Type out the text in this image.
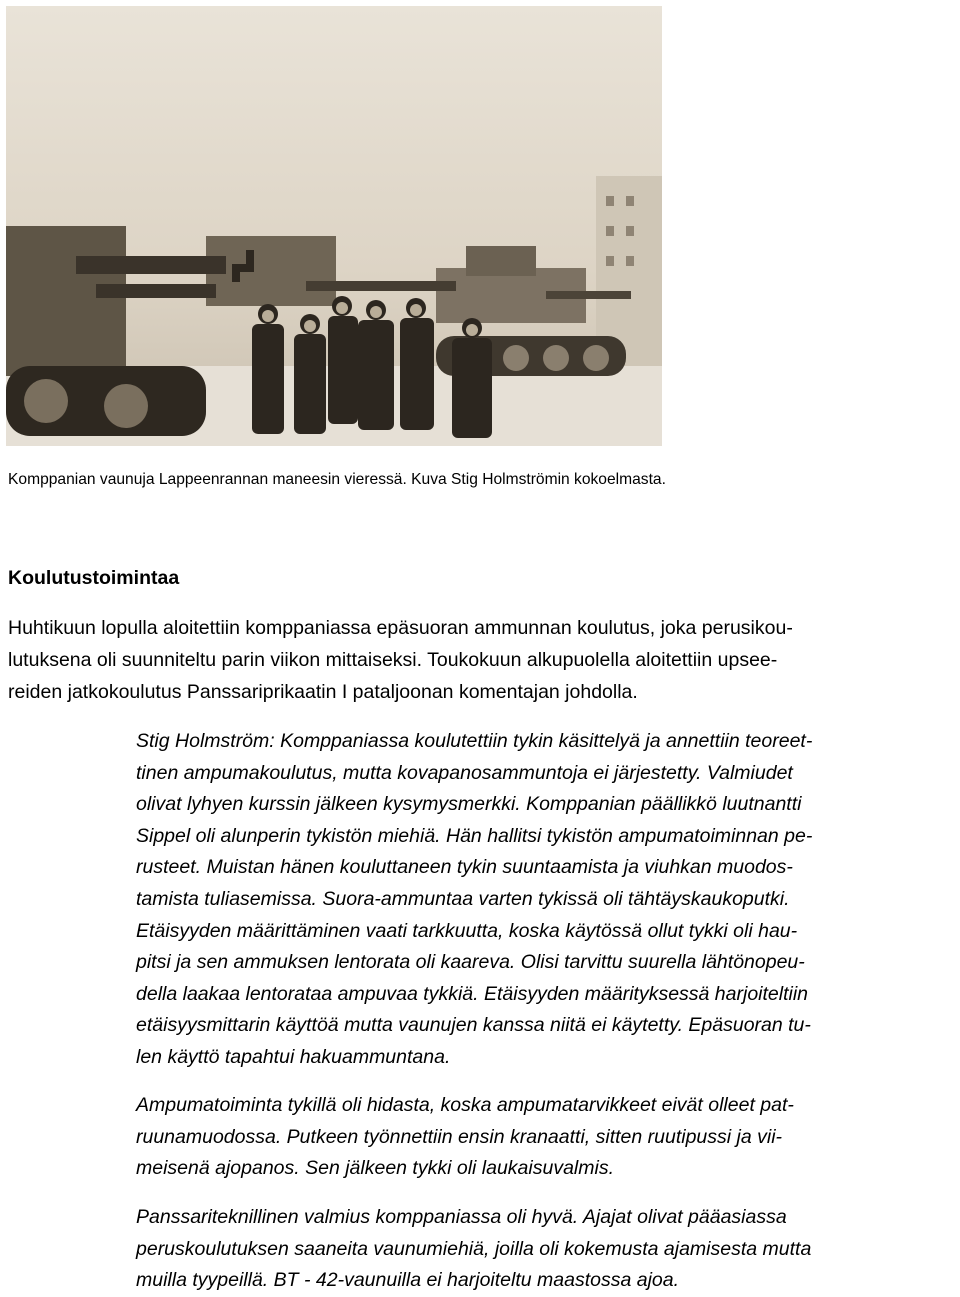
Komppanian vaunuja Lappeenrannan maneesin vieressä. Kuva Stig Holmströmin kokoelmasta.
Koulutustoimintaa
Huhtikuun lopulla aloitettiin komppaniassa epäsuoran ammunnan koulutus, joka perusikou-
lutuksena oli suunniteltu parin viikon mittaiseksi. Toukokuun alkupuolella aloitettiin upsee-
reiden jatkokoulutus Panssariprikaatin I pataljoonan komentajan johdolla.
Stig Holmström: Komppaniassa koulutettiin tykin käsittelyä ja annettiin teoreet-
tinen ampumakoulutus, mutta kovapanosammuntoja ei järjestetty. Valmiudet
olivat lyhyen kurssin jälkeen kysymysmerkki. Komppanian päällikkö luutnantti
Sippel oli alunperin tykistön miehiä. Hän hallitsi tykistön ampumatoiminnan pe-
rusteet. Muistan hänen kouluttaneen tykin suuntaamista ja viuhkan muodos-
tamista tuliasemissa. Suora-ammuntaa varten tykissä oli tähtäyskaukoputki.
Etäisyyden määrittäminen vaati tarkkuutta, koska käytössä ollut tykki oli hau-
pitsi ja sen ammuksen lentorata oli kaareva. Olisi tarvittu suurella lähtönopeu-
della laakaa lentorataa ampuvaa tykkiä. Etäisyyden määrityksessä harjoiteltiin
etäisyysmittarin käyttöä mutta vaunujen kanssa niitä ei käytetty. Epäsuoran tu-
len käyttö tapahtui hakuammuntana.
Ampumatoiminta tykillä oli hidasta, koska ampumatarvikkeet eivät olleet pat-
ruunamuodossa. Putkeen työnnettiin ensin kranaatti, sitten ruutipussi ja vii-
meisenä ajopanos. Sen jälkeen tykki oli laukaisuvalmis.
Panssariteknillinen valmius komppaniassa oli hyvä. Ajajat olivat pääasiassa
peruskoulutuksen saaneita vaunumiehiä, joilla oli kokemusta ajamisesta mutta
muilla tyypeillä. BT - 42-vaunuilla ei harjoiteltu maastossa ajoa.
